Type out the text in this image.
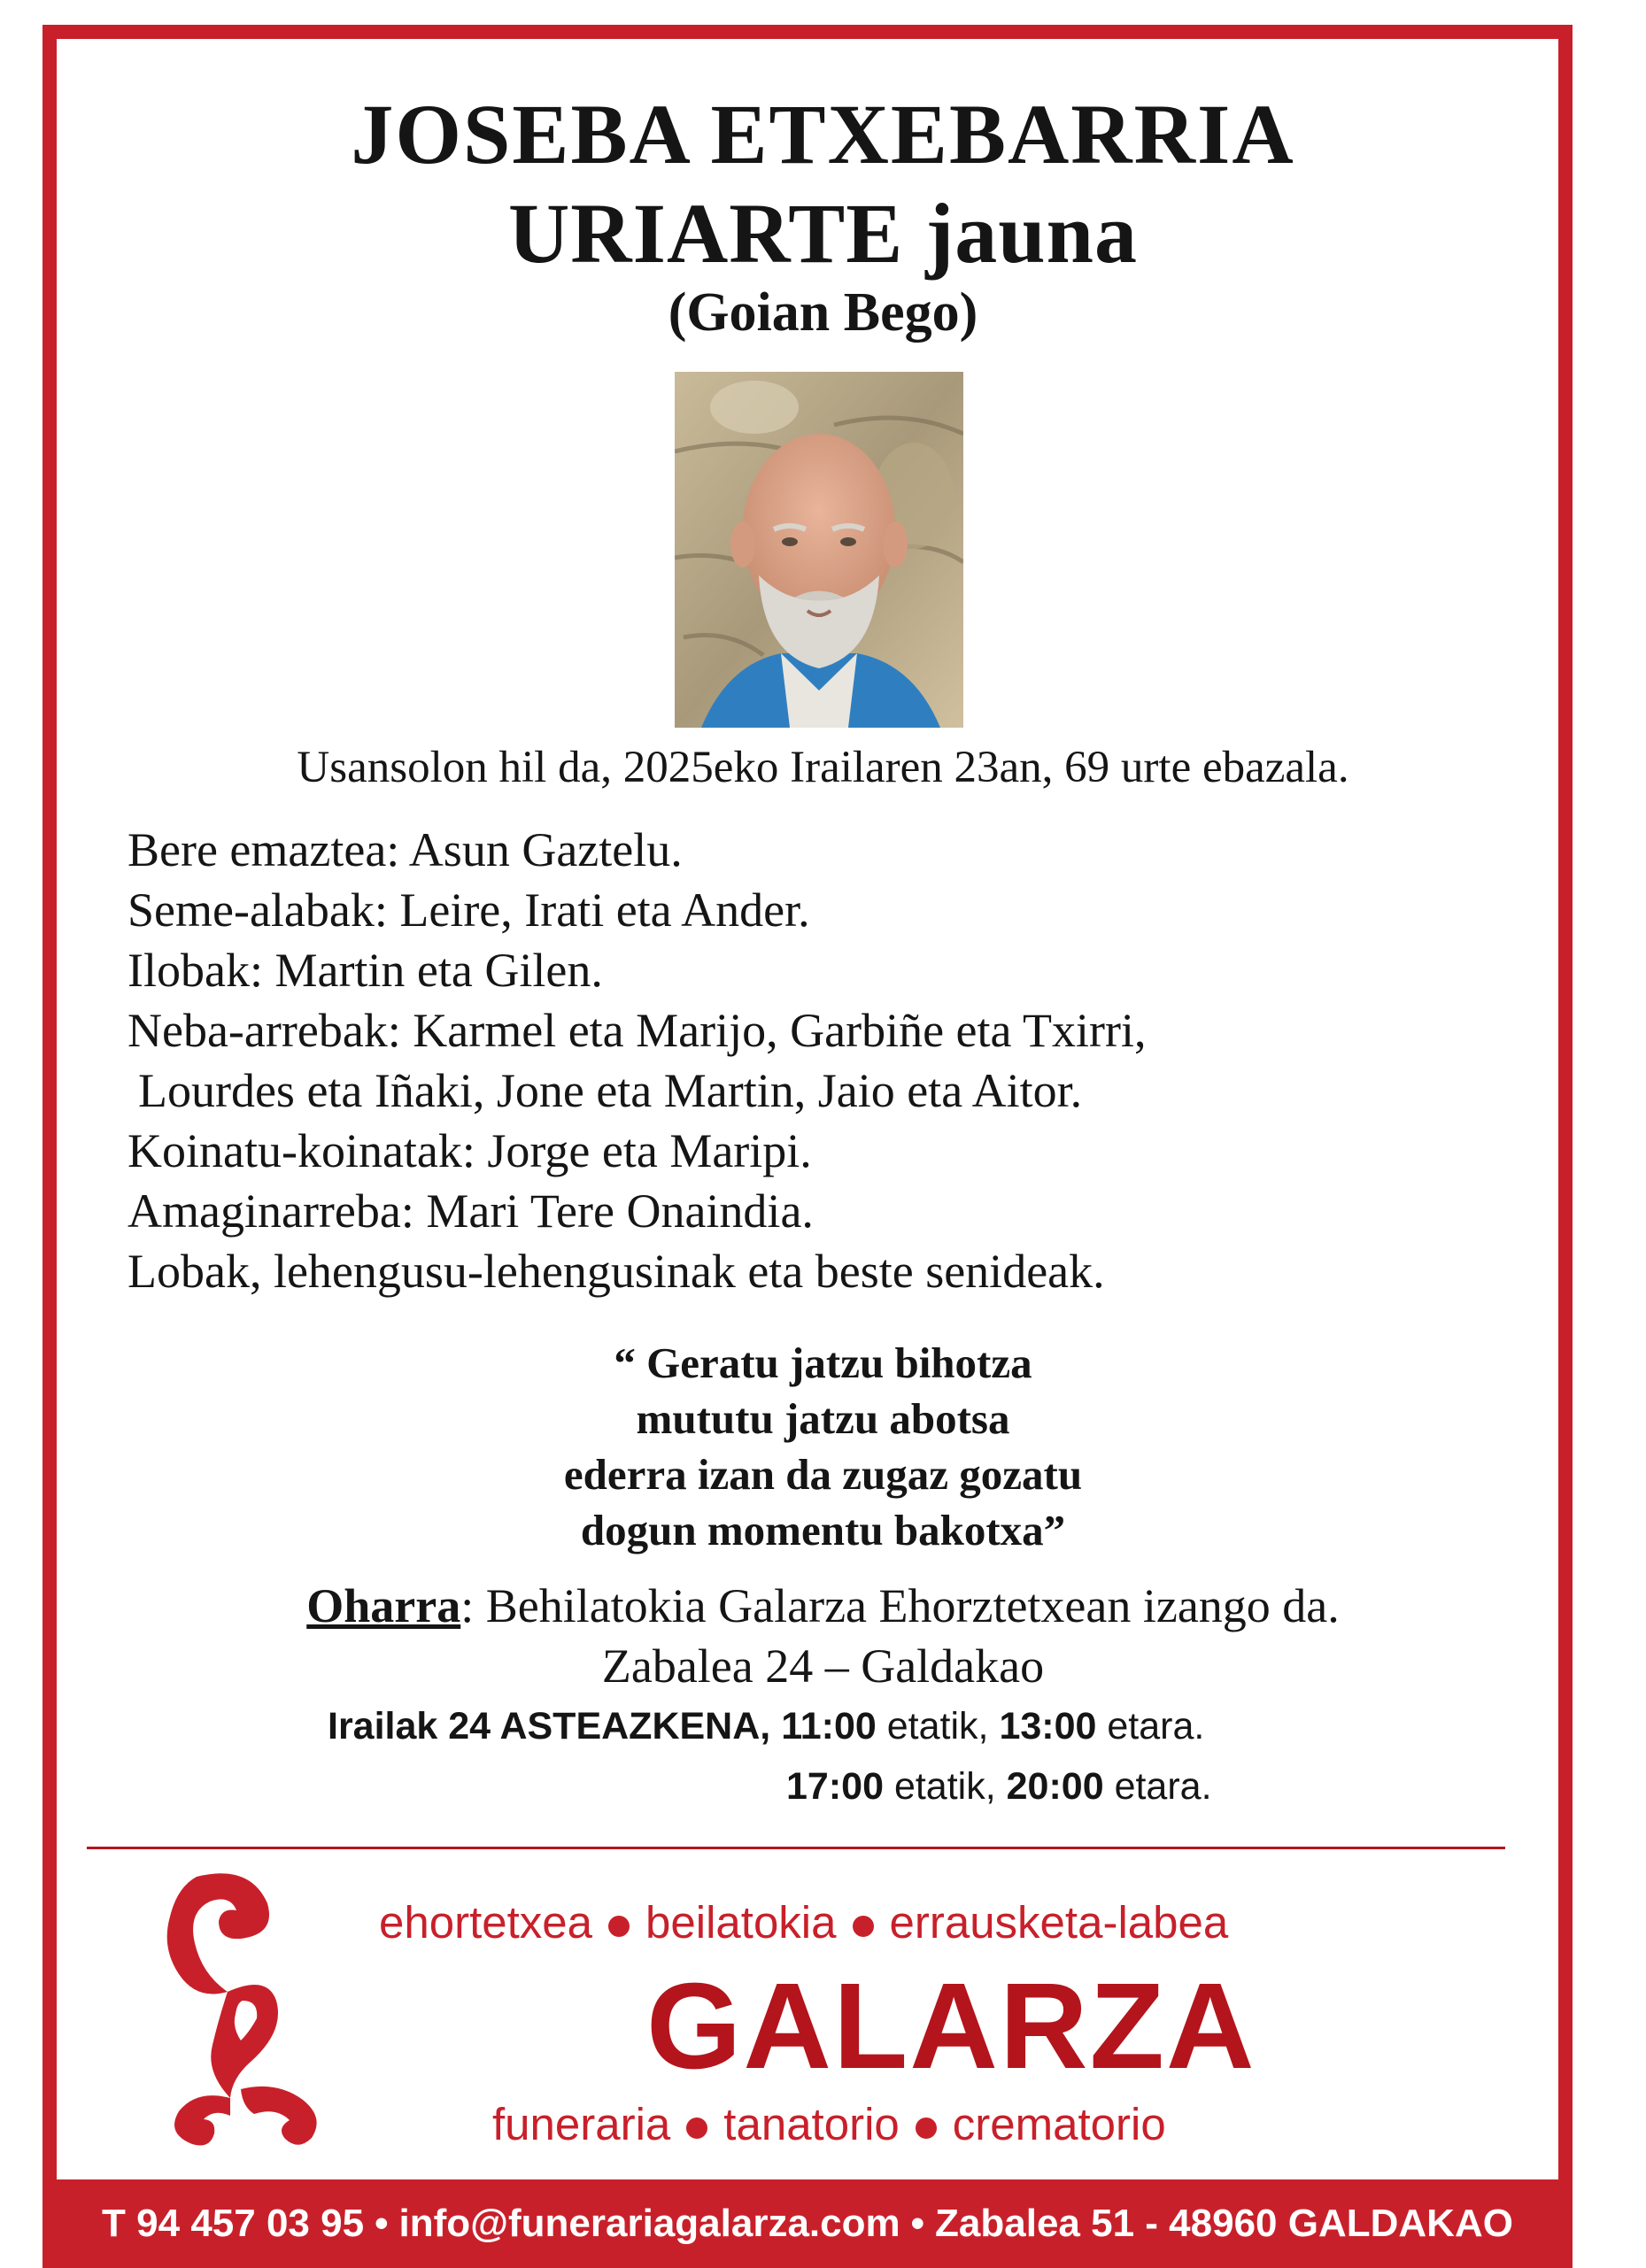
JOSEBA ETXEBARRIA
URIARTE jauna
(Goian Bego)
Usansolon hil da, 2025eko Irailaren 23an, 69 urte ebazala.
Bere emaztea: Asun Gaztelu.
Seme-alabak: Leire, Irati eta Ander.
Ilobak: Martin eta Gilen.
Neba-arrebak: Karmel eta Marijo, Garbiñe eta Txirri,
Lourdes eta Iñaki, Jone eta Martin, Jaio eta Aitor.
Koinatu-koinatak: Jorge eta Maripi.
Amaginarreba: Mari Tere Onaindia.
Lobak, lehengusu-lehengusinak eta beste senideak.
“ Geratu jatzu bihotza
mututu jatzu abotsa
ederra izan da zugaz gozatu
dogun momentu bakotxa”
Oharra: Behilatokia Galarza Ehorztetxean izango da.
Zabalea 24 – Galdakao
Irailak 24 ASTEAZKENA, 11:00 etatik, 13:00 etara.
17:00 etatik, 20:00 etara.
ehortetxea beilatokia errausketa-labea
GALARZA
funeraria tanatorio crematorio
T 94 457 03 95 • info@funerariagalarza.com • Zabalea 51 - 48960 GALDAKAO
